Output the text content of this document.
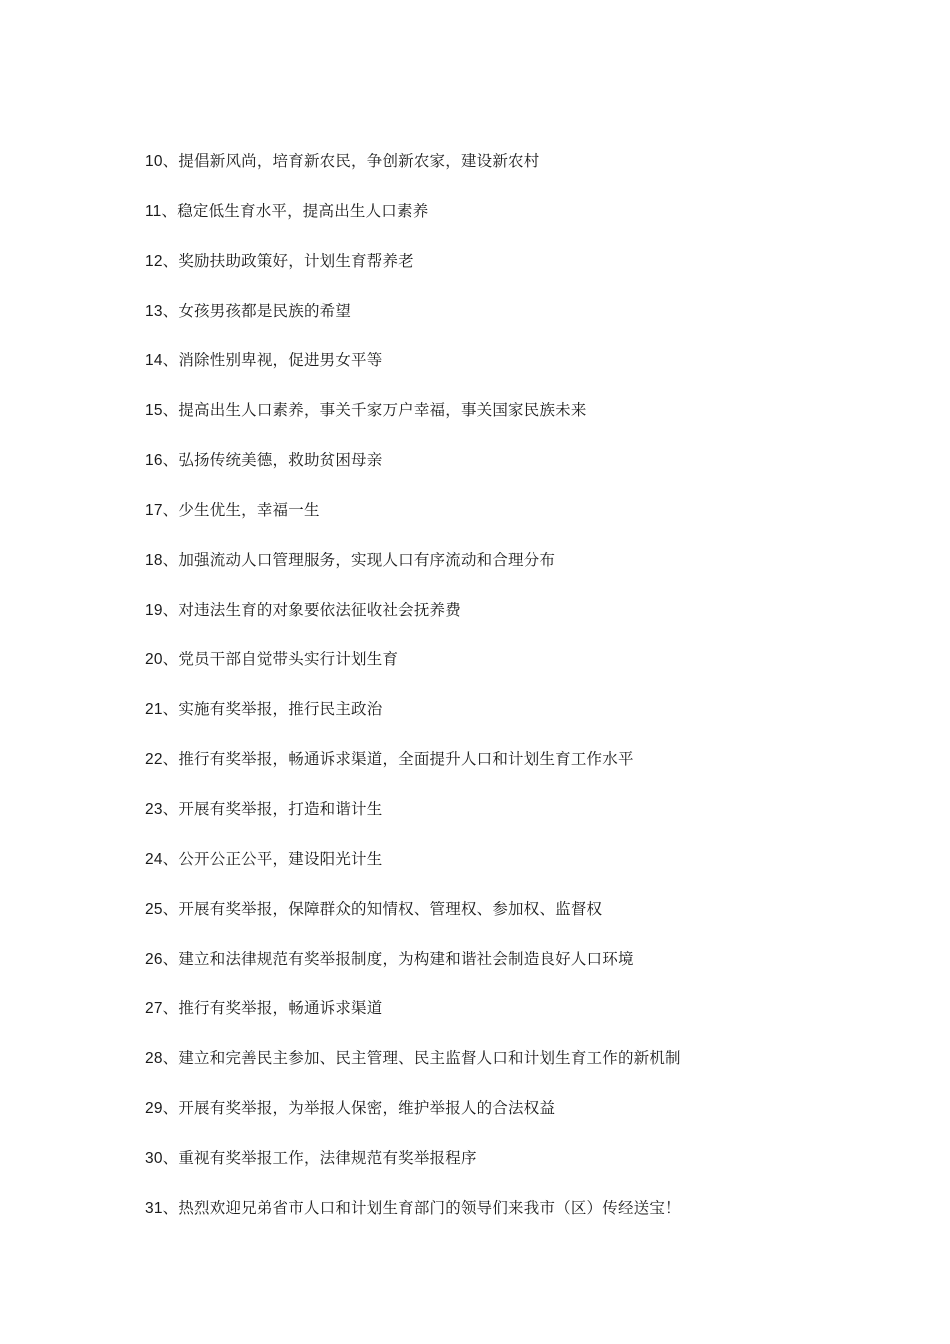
10、提倡新风尚，培育新农民，争创新农家，建设新农村
11、稳定低生育水平，提高出生人口素养
12、奖励扶助政策好，计划生育帮养老
13、女孩男孩都是民族的希望
14、消除性别卑视，促进男女平等
15、提高出生人口素养，事关千家万户幸福，事关国家民族未来
16、弘扬传统美德，救助贫困母亲
17、少生优生，幸福一生
18、加强流动人口管理服务，实现人口有序流动和合理分布
19、对违法生育的对象要依法征收社会抚养费
20、党员干部自觉带头实行计划生育
21、实施有奖举报，推行民主政治
22、推行有奖举报，畅通诉求渠道，全面提升人口和计划生育工作水平
23、开展有奖举报，打造和谐计生
24、公开公正公平，建设阳光计生
25、开展有奖举报，保障群众的知情权、管理权、参加权、监督权
26、建立和法律规范有奖举报制度，为构建和谐社会制造良好人口环境
27、推行有奖举报，畅通诉求渠道
28、建立和完善民主参加、民主管理、民主监督人口和计划生育工作的新机制
29、开展有奖举报，为举报人保密，维护举报人的合法权益
30、重视有奖举报工作，法律规范有奖举报程序
31、热烈欢迎兄弟省市人口和计划生育部门的领导们来我市（区）传经送宝！
